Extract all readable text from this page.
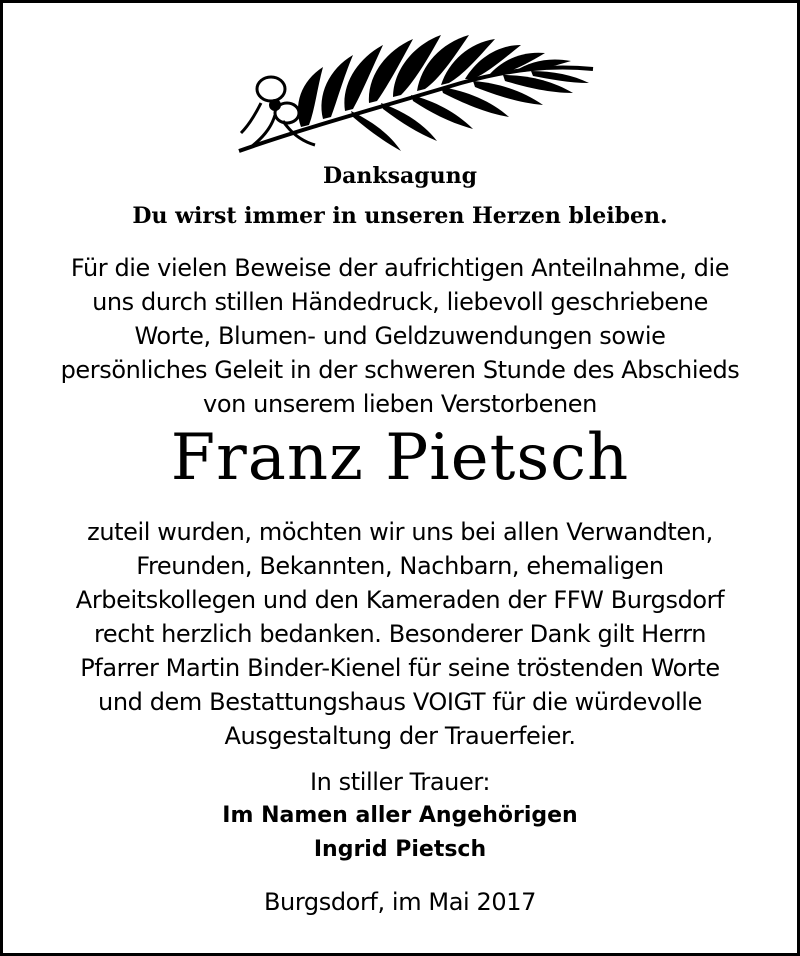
Danksagung
Du wirst immer in unseren Herzen bleiben.
Für die vielen Beweise der aufrichtigen Anteilnahme, die
uns durch stillen Händedruck, liebevoll geschriebene
Worte, Blumen- und Geldzuwendungen sowie
persönliches Geleit in der schweren Stunde des Abschieds
von unserem lieben Verstorbenen
Franz Pietsch
zuteil wurden, möchten wir uns bei allen Verwandten,
Freunden, Bekannten, Nachbarn, ehemaligen
Arbeitskollegen und den Kameraden der FFW Burgsdorf
recht herzlich bedanken. Besonderer Dank gilt Herrn
Pfarrer Martin Binder-Kienel für seine tröstenden Worte
und dem Bestattungshaus VOIGT für die würdevolle
Ausgestaltung der Trauerfeier.
In stiller Trauer:
Im Namen aller Angehörigen
Ingrid Pietsch
Burgsdorf, im Mai 2017
